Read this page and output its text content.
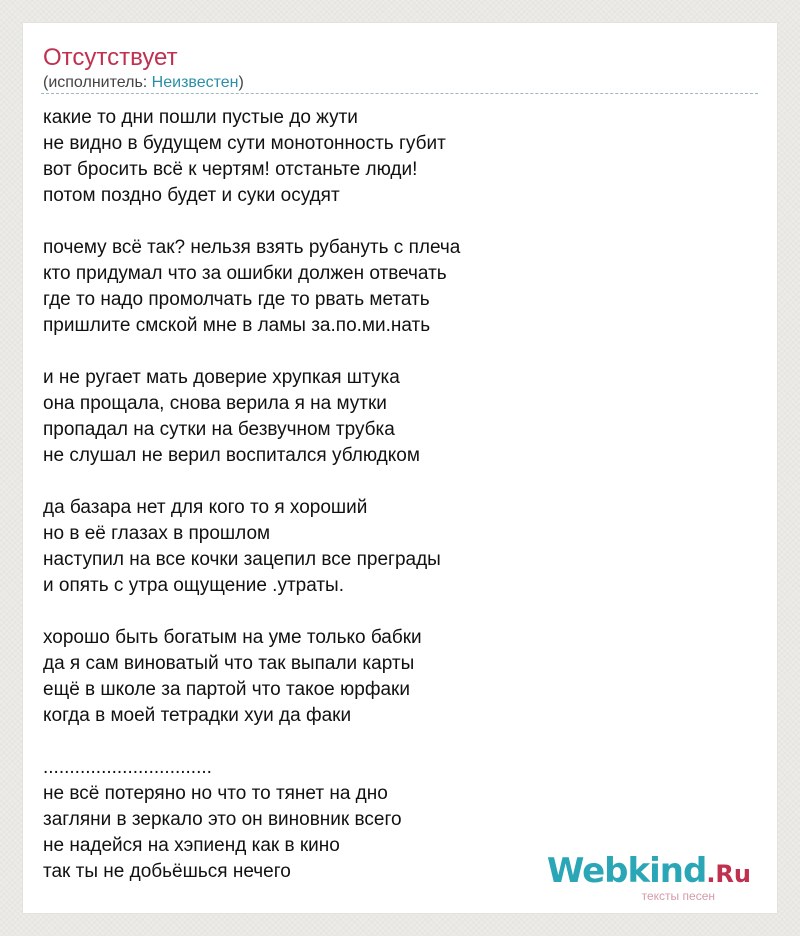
Отсутствует
(исполнитель: Неизвестен)
какие то дни пошли пустые до жути
не видно в будущем сути монотонность губит
вот бросить всё к чертям! отстаньте люди!
потом поздно будет и суки осудят
почему всё так? нельзя взять рубануть с плеча
кто придумал что за ошибки должен отвечать
где то надо промолчать где то рвать метать
пришлите смской мне в ламы за.по.ми.нать
и не ругает мать доверие хрупкая штука
она прощала, снова верила я на мутки
пропадал на сутки на безвучном трубка
не слушал не верил воспитался ублюдком
да базара нет для кого то я хороший
но в её глазах в прошлом
наступил на все кочки зацепил все преграды
и опять с утра ощущение .утраты.
хорошо быть богатым на уме только бабки
да я сам виноватый что так выпали карты
ещё в школе за партой что такое юрфаки
когда в моей тетрадки хуи да факи
................................
не всё потеряно но что то тянет на дно
загляни в зеркало это он виновник всего
не надейся на хэпиенд как в кино
так ты не добьёшься нечего	Webkind.Ru
тексты песен
